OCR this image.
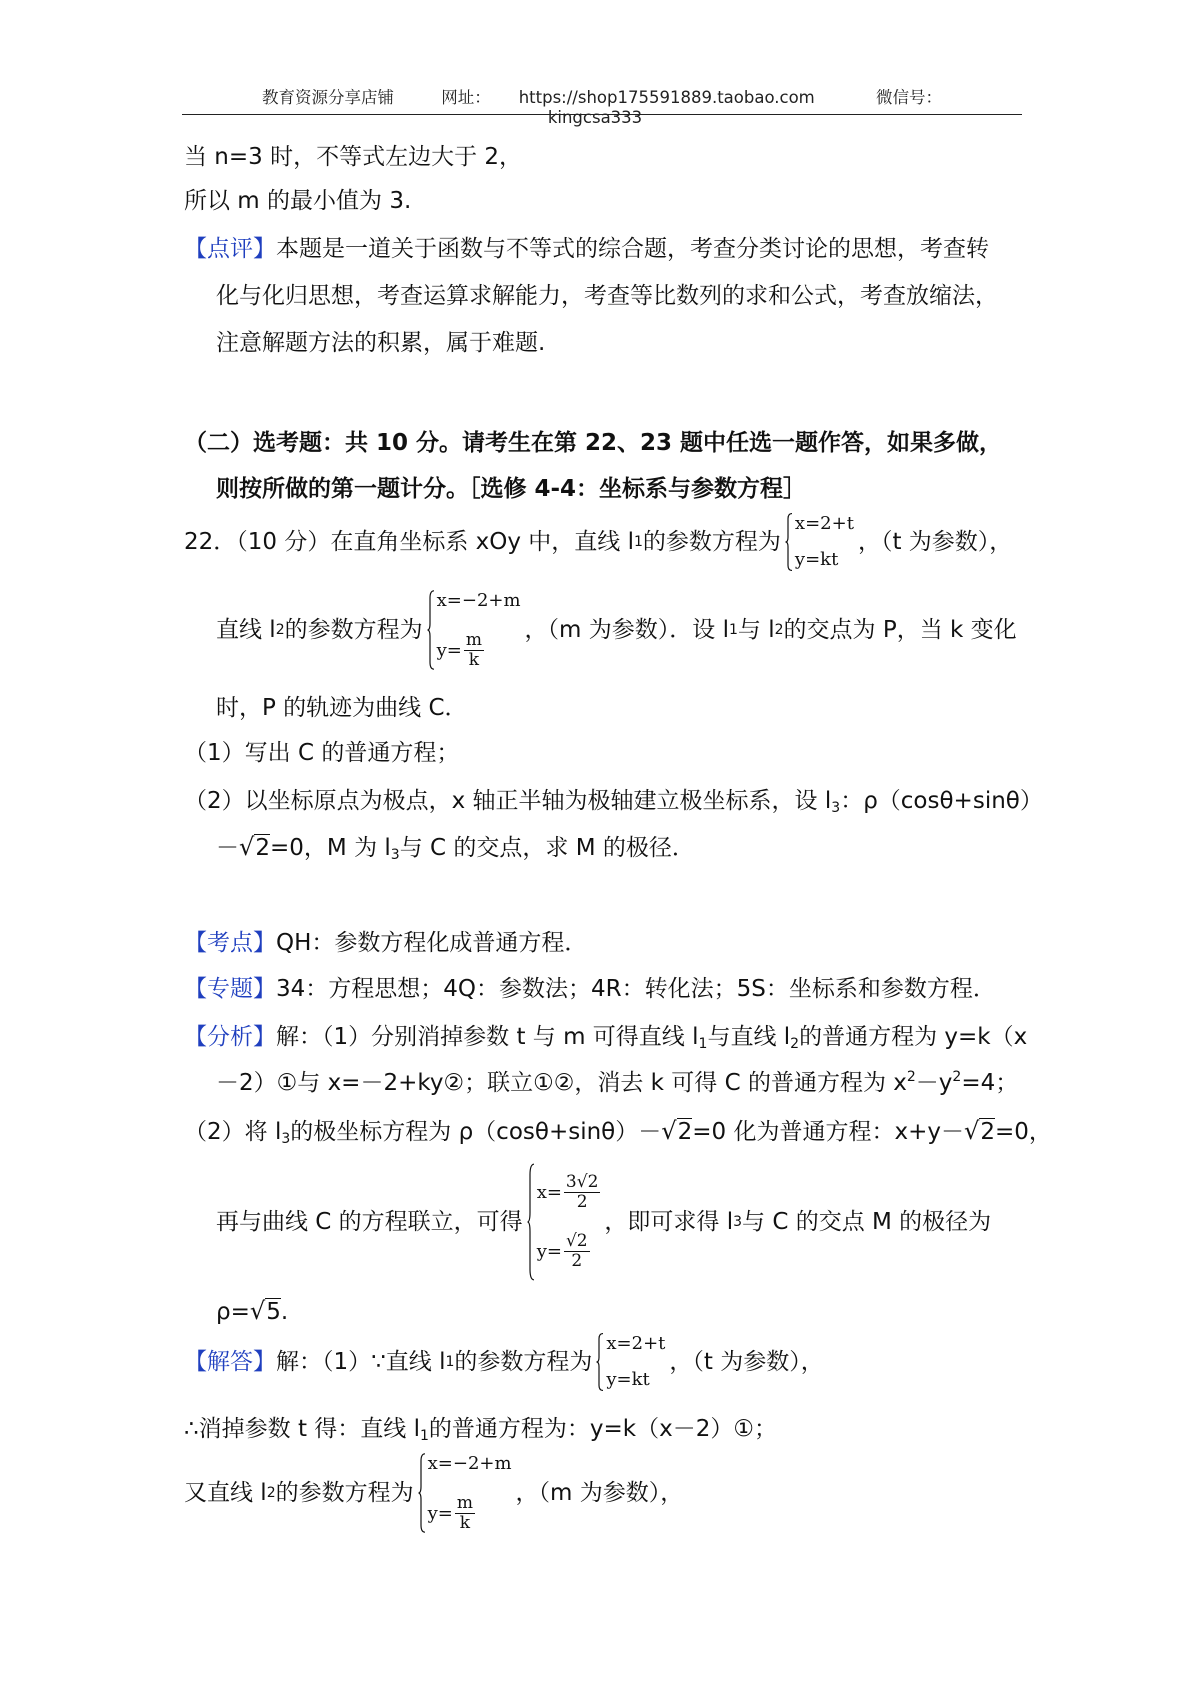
教育资源分享店铺	网址： https://shop175591889.taobao.com	微信号：kingcsa333
当 n=3 时，不等式左边大于 2，
所以 m 的最小值为 3.
【点评】本题是一道关于函数与不等式的综合题，考查分类讨论的思想，考查转
化与化归思想，考查运算求解能力，考查等比数列的求和公式，考查放缩法，
注意解题方法的积累，属于难题.
（二）选考题：共 10 分。请考生在第 22、23 题中任选一题作答，如果多做，
则按所做的第一题计分。［选修 4-4：坐标系与参数方程］
22．（10 分）在直角坐标系 xOy 中，直线 l 1 的参数方程为
x=2+t
y=kt
，（t 为参数），
直线 l 2 的参数方程为
x=−2+m
$y= \frac{m}{k}$
，（m 为参数）．设 l 1 与 l 2 的交点为 P，当 k 变化
时，P 的轨迹为曲线 C．
（1）写出 C 的普通方程；
（2）以坐标原点为极点，x 轴正半轴为极轴建立极坐标系，设 $l_3$：ρ（cosθ+sinθ）
－√2=0，M 为 $l_3$与 C 的交点，求 M 的极径．
【考点】QH：参数方程化成普通方程．
【专题】34：方程思想；4Q：参数法；4R：转化法；5S：坐标系和参数方程．
【分析】解：（1）分别消掉参数 t 与 m 可得直线 $l_1$与直线 $l_2$的普通方程为 y=k（x
－2）①与 x=－2+ky②；联立①②，消去 k 可得 C 的普通方程为 $x^2-y^2=4$；
（2）将 $l_3$的极坐标方程为 ρ（cosθ+sinθ）－√2=0 化为普通方程：x+y－√2=0，
再与曲线 C 的方程联立，可得
$x= \frac{3√2}{2}$
$y= \frac{√2}{2}$
，即可求得 l 3 与 C 的交点 M 的极径为
ρ=√5.
【解答】 解：（1）∵直线 l 1 的参数方程为
x=2+t
y=kt
，（t 为参数），
∴消掉参数 t 得：直线 $l_1$的普通方程为：y=k（x－2）①；
又直线 l 2 的参数方程为
x=−2+m
$y= \frac{m}{k}$
，（m 为参数），
